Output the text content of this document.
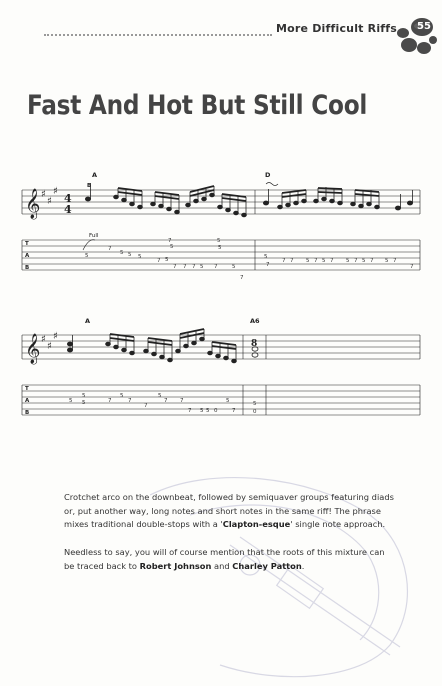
More Difficult Riffs 55
Fast And Hot But Still Cool
𝄞
𝄞
♯
♯
♯
♯
♯
♯
4
4
5
7
5 5 5
7 5
7 7 7 5 7	5
7
5
7
7 7 5 7 5 7 5 7 5 7 5 7
7
7
5
5
5
T
A
B
A	D
B
Full
8
5
5
5	7
5
7
7
5
7 7
7 5 5 0
5
7
5
0
T
A
B
A	A6

Crotchet arco on the downbeat, followed by semiquaver groups featuring diads or, put another way, long notes and short notes in the same riff! The phrase mixes traditional double-stops with a 'Clapton-esque' single note approach.

Needless to say, you will of course mention that the roots of this mixture can be traced back to Robert Johnson and Charley Patton.
